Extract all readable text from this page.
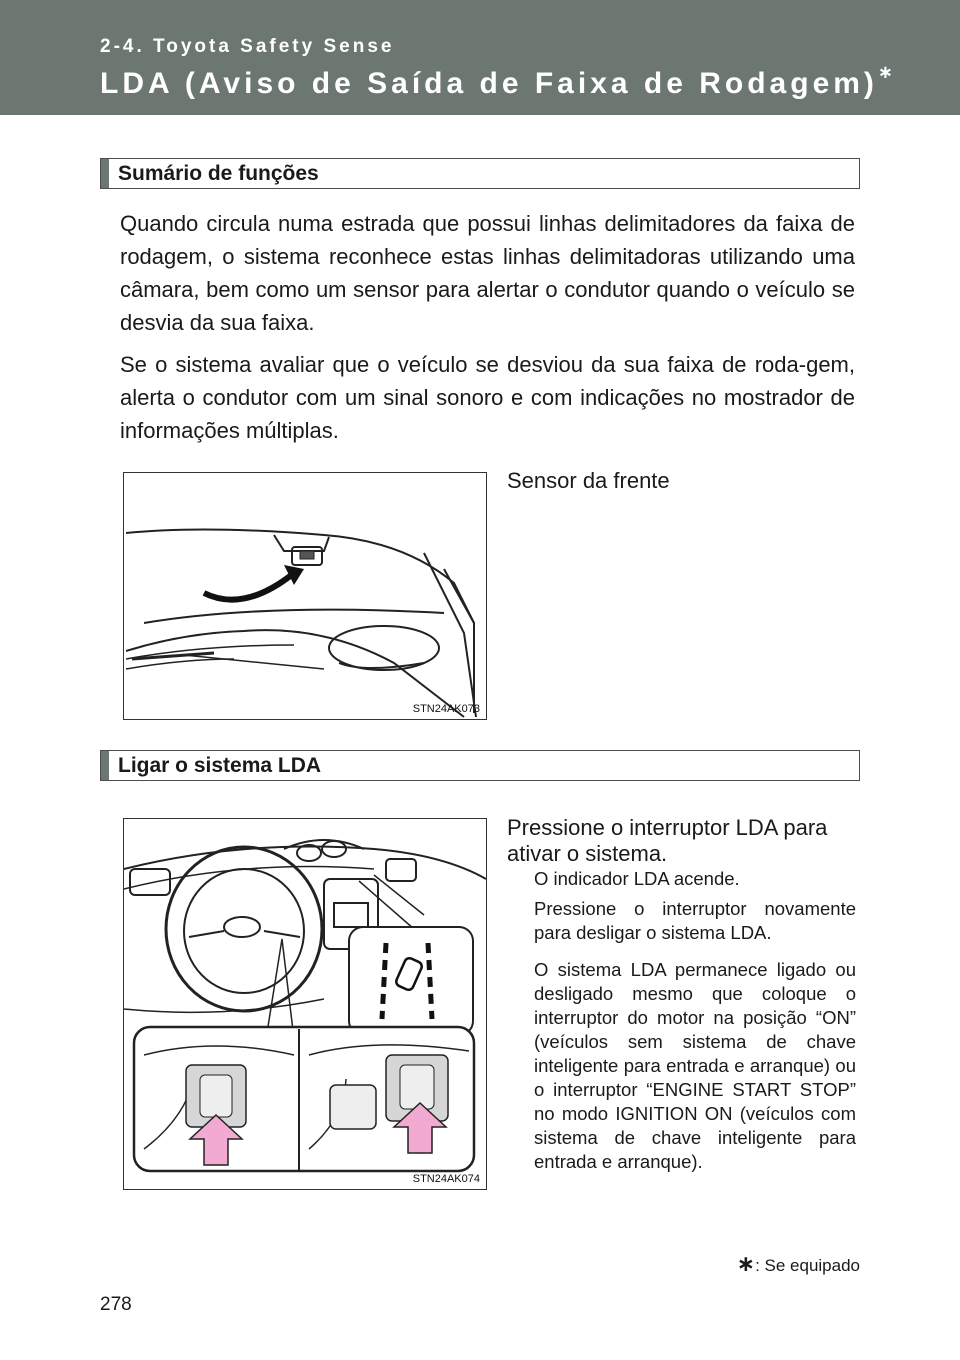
2-4. Toyota Safety Sense
LDA (Aviso de Saída de Faixa de Rodagem)∗
Sumário de funções

Quando circula numa estrada que possui linhas delimitadores da faixa de rodagem, o sistema reconhece estas linhas delimitadoras utilizando uma câmara, bem como um sensor para alertar o condutor quando o veículo se desvia da sua faixa.

Se o sistema avaliar que o veículo se desviou da sua faixa de roda-gem, alerta o condutor com um sinal sonoro e com indicações no mostrador de informações múltiplas.

STN24AK073
Sensor da frente
Ligar o sistema LDA
STN24AK074
Pressione o interruptor LDA para ativar o sistema.

O indicador LDA acende.

Pressione o interruptor novamente para desligar o sistema LDA.

O sistema LDA permanece ligado ou desligado mesmo que coloque o interruptor do motor na posição “ON” (veículos sem sistema de chave inteligente para entrada e arranque) ou o interruptor “ENGINE START STOP” no modo IGNITION ON (veículos com sistema de chave inteligente para entrada e arranque).

∗: Se equipado
278
